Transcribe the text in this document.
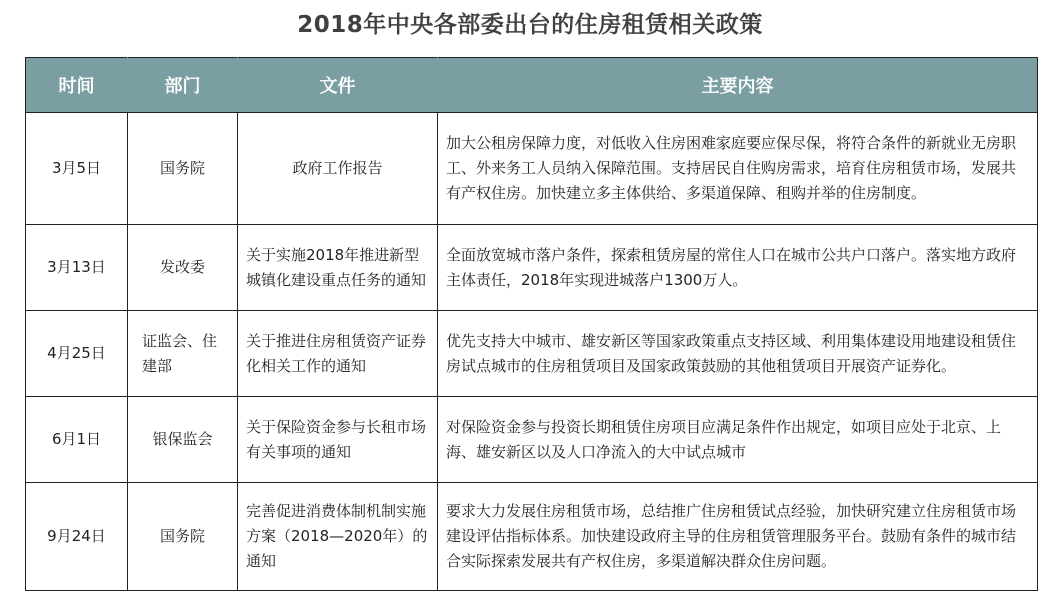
2018年中央各部委出台的住房租赁相关政策
时间	部门	文件	主要内容
3月5日	国务院	政府工作报告	加大公租房保障力度，对低收入住房困难家庭要应保尽保，将符合条件的新就业无房职工、外来务工人员纳入保障范围。支持居民自住购房需求，培育住房租赁市场，发展共有产权住房。加快建立多主体供给、多渠道保障、租购并举的住房制度。
3月13日	发改委	关于实施2018年推进新型城镇化建设重点任务的通知	全面放宽城市落户条件，探索租赁房屋的常住人口在城市公共户口落户。落实地方政府主体责任，2018年实现进城落户1300万人。
4月25日	证监会、住建部	关于推进住房租赁资产证券化相关工作的通知	优先支持大中城市、雄安新区等国家政策重点支持区域、利用集体建设用地建设租赁住房试点城市的住房租赁项目及国家政策鼓励的其他租赁项目开展资产证券化。
6月1日	银保监会	关于保险资金参与长租市场有关事项的通知	对保险资金参与投资长期租赁住房项目应满足条件作出规定，如项目应处于北京、上海、雄安新区以及人口净流入的大中试点城市
9月24日	国务院	完善促进消费体制机制实施方案（2018—2020年）的通知	要求大力发展住房租赁市场，总结推广住房租赁试点经验，加快研究建立住房租赁市场建设评估指标体系。加快建设政府主导的住房租赁管理服务平台。鼓励有条件的城市结合实际探索发展共有产权住房，多渠道解决群众住房问题。
